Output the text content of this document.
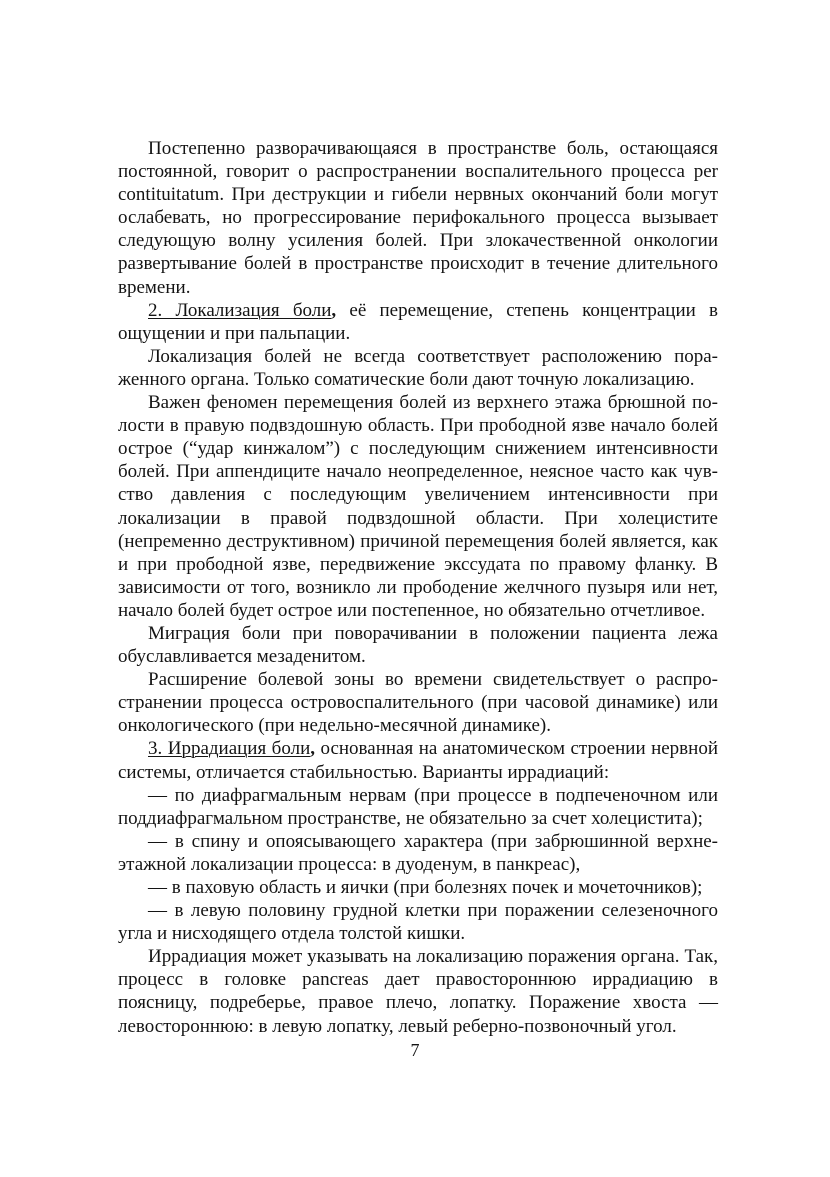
Постепенно разворачивающаяся в пространстве боль, остающаяся постоянной, говорит о распространении воспалительного процесса per contituitatum. При деструкции и гибели нервных окончаний боли могут ослабевать, но прогрессирование перифокального процесса вызывает следующую волну усиления болей. При злокачественной онкологии развертывание болей в пространстве происходит в течение длительного времени.

2. Локализация боли, её перемещение, степень концентрации в ощущении и при пальпации.

Локализация болей не всегда соответствует расположению пораженного органа. Только соматические боли дают точную локализацию.

Важен феномен перемещения болей из верхнего этажа брюшной полости в правую подвздошную область. При прободной язве начало болей острое (“удар кинжалом”) с последующим снижением интенсивности болей. При аппендиците начало неопределенное, неясное часто как чувство давления с последующим увеличением интенсивности при локализации в правой подвздошной области. При холецистите (непременно деструктивном) причиной перемещения болей является, как и при прободной язве, передвижение экссудата по правому фланку. В зависимости от того, возникло ли прободение желчного пузыря или нет, начало болей будет острое или постепенное, но обязательно отчетливое.

Миграция боли при поворачивании в положении пациента лежа обуславливается мезаденитом.

Расширение болевой зоны во времени свидетельствует о распространении процесса островоспалительного (при часовой динамике) или онкологического (при недельно-месячной динамике).

3. Иррадиация боли, основанная на анатомическом строении нервной системы, отличается стабильностью. Варианты иррадиаций:

— по диафрагмальным нервам (при процессе в подпеченочном или поддиафрагмальном пространстве, не обязательно за счет холецистита);

— в спину и опоясывающего характера (при забрюшинной верхнеэтажной локализации процесса: в дуоденум, в панкреас),

— в паховую область и яички (при болезнях почек и мочеточников);

— в левую половину грудной клетки при поражении селезеночного угла и нисходящего отдела толстой кишки.

Иррадиация может указывать на локализацию поражения органа. Так, процесс в головке pancreas дает правостороннюю иррадиацию в поясницу, подреберье, правое плечо, лопатку. Поражение хвоста — левостороннюю: в левую лопатку, левый реберно-позвоночный угол.

7
